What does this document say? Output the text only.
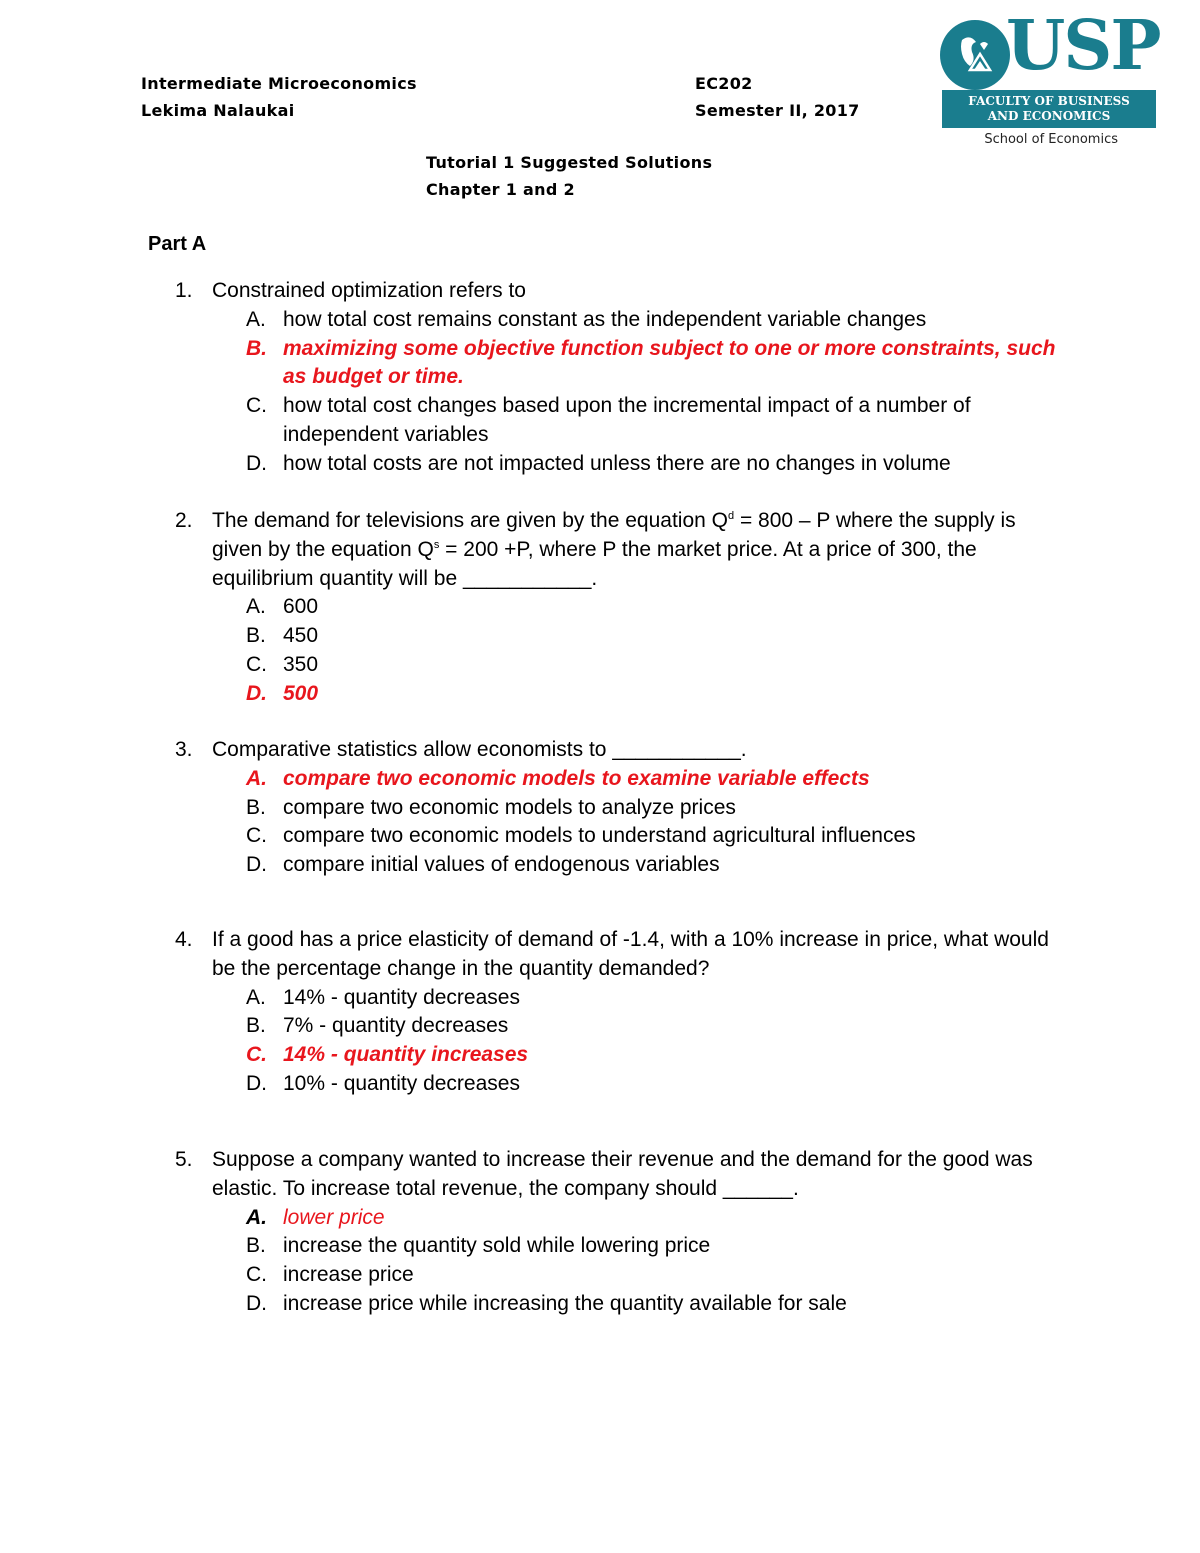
Intermediate Microeconomics
Lekima Nalaukai
EC202
Semester II, 2017
Tutorial 1 Suggested Solutions
Chapter 1 and 2
USP
FACULTY OF BUSINESS
AND ECONOMICS
School of Economics
Part A
1. Constrained optimization refers to
A. how total cost remains constant as the independent variable changes
B. maximizing some objective function subject to one or more constraints, such as budget or time.
C. how total cost changes based upon the incremental impact of a number of independent variables
D. how total costs are not impacted unless there are no changes in volume
2. The demand for televisions are given by the equation $Q^d = 800 - P$ where the supply is given by the equation $Q^s = 200 +P$, where P the market price. At a price of 300, the equilibrium quantity will be ___________.
A. 600
B. 450
C. 350
D. 500
3. Comparative statistics allow economists to ___________.
A. compare two economic models to examine variable effects
B. compare two economic models to analyze prices
C. compare two economic models to understand agricultural influences
D. compare initial values of endogenous variables
4. If a good has a price elasticity of demand of -1.4, with a 10% increase in price, what would be the percentage change in the quantity demanded?
A. 14% - quantity decreases
B. 7% - quantity decreases
C. 14% - quantity increases
D. 10% - quantity decreases
5. Suppose a company wanted to increase their revenue and the demand for the good was elastic. To increase total revenue, the company should ______.
A. lower price
B. increase the quantity sold while lowering price
C. increase price
D. increase price while increasing the quantity available for sale
